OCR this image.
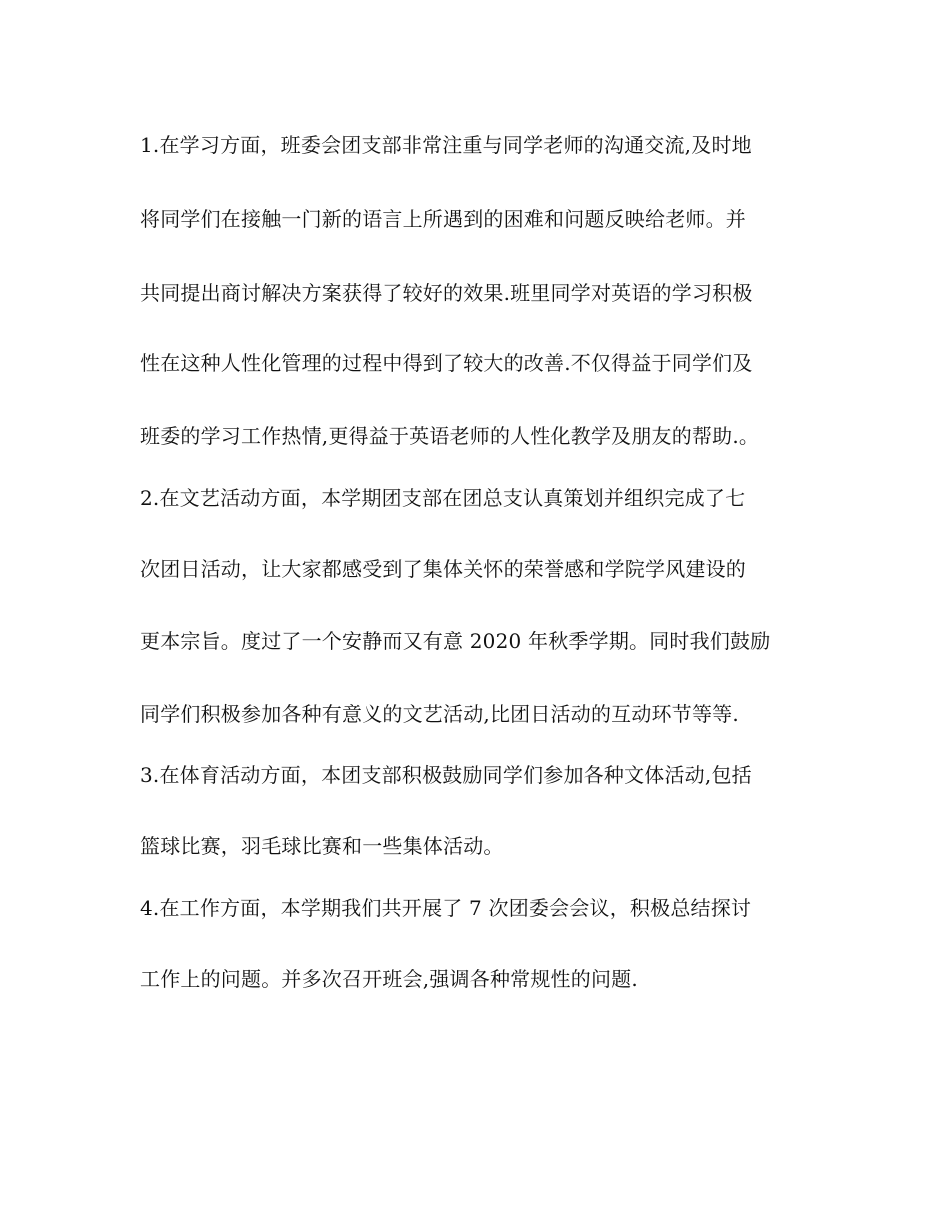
1.在学习方面，班委会团支部非常注重与同学老师的沟通交流,及时地
将同学们在接触一门新的语言上所遇到的困难和问题反映给老师。并
共同提出商讨解决方案获得了较好的效果.班里同学对英语的学习积极
性在这种人性化管理的过程中得到了较大的改善.不仅得益于同学们及
班委的学习工作热情,更得益于英语老师的人性化教学及朋友的帮助.。
2.在文艺活动方面，本学期团支部在团总支认真策划并组织完成了七
次团日活动，让大家都感受到了集体关怀的荣誉感和学院学风建设的
更本宗旨。度过了一个安静而又有意 2020 年秋季学期。同时我们鼓励
同学们积极参加各种有意义的文艺活动,比团日活动的互动环节等等.
3.在体育活动方面，本团支部积极鼓励同学们参加各种文体活动,包括
篮球比赛，羽毛球比赛和一些集体活动。
4.在工作方面，本学期我们共开展了 7 次团委会会议，积极总结探讨
工作上的问题。并多次召开班会,强调各种常规性的问题.
